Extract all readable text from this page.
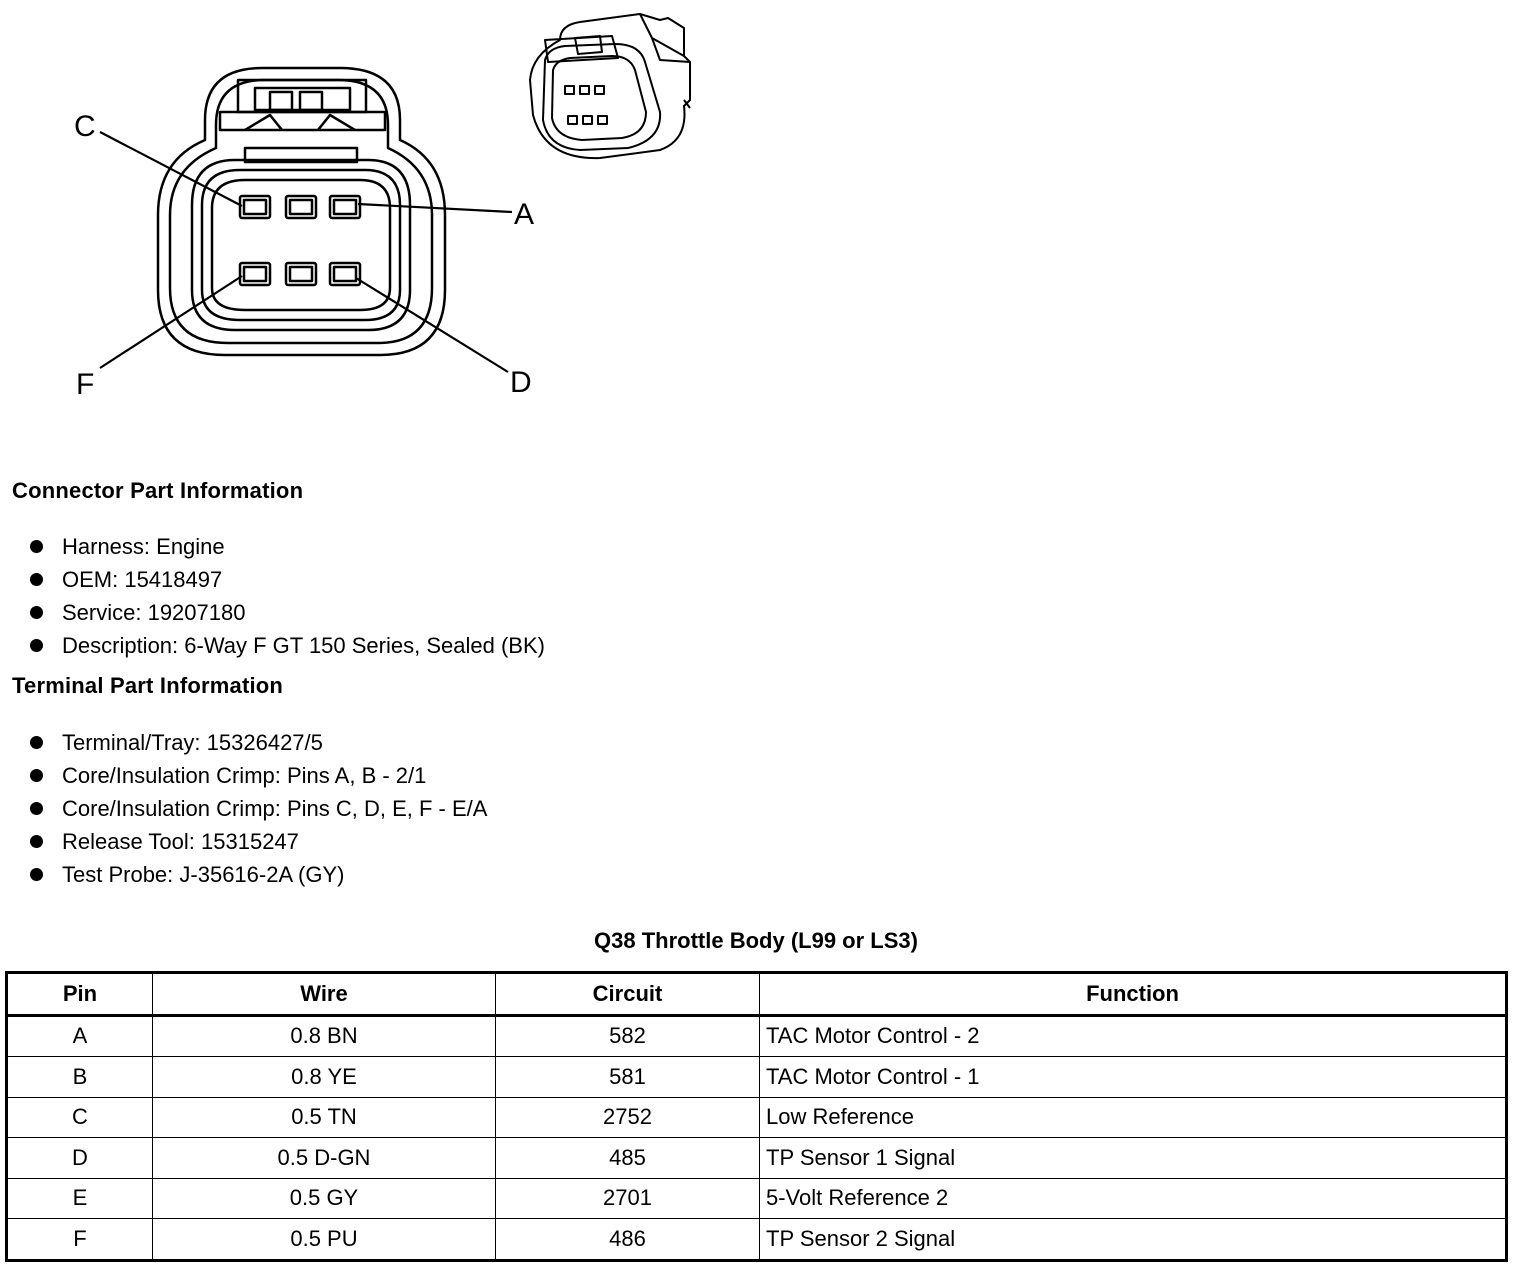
C
A
F	D
Connector Part Information
Harness: Engine
OEM: 15418497
Service: 19207180
Description: 6-Way F GT 150 Series, Sealed (BK)
Terminal Part Information
Terminal/Tray: 15326427/5
Core/Insulation Crimp: Pins A, B - 2/1
Core/Insulation Crimp: Pins C, D, E, F - E/A
Release Tool: 15315247
Test Probe: J-35616-2A (GY)
Q38 Throttle Body (L99 or LS3)
Pin	Wire	Circuit	Function
A	0.8 BN	582	TAC Motor Control - 2
B	0.8 YE	581	TAC Motor Control - 1
C	0.5 TN	2752	Low Reference
D	0.5 D-GN	485	TP Sensor 1 Signal
E	0.5 GY	2701	5-Volt Reference 2
F	0.5 PU	486	TP Sensor 2 Signal
